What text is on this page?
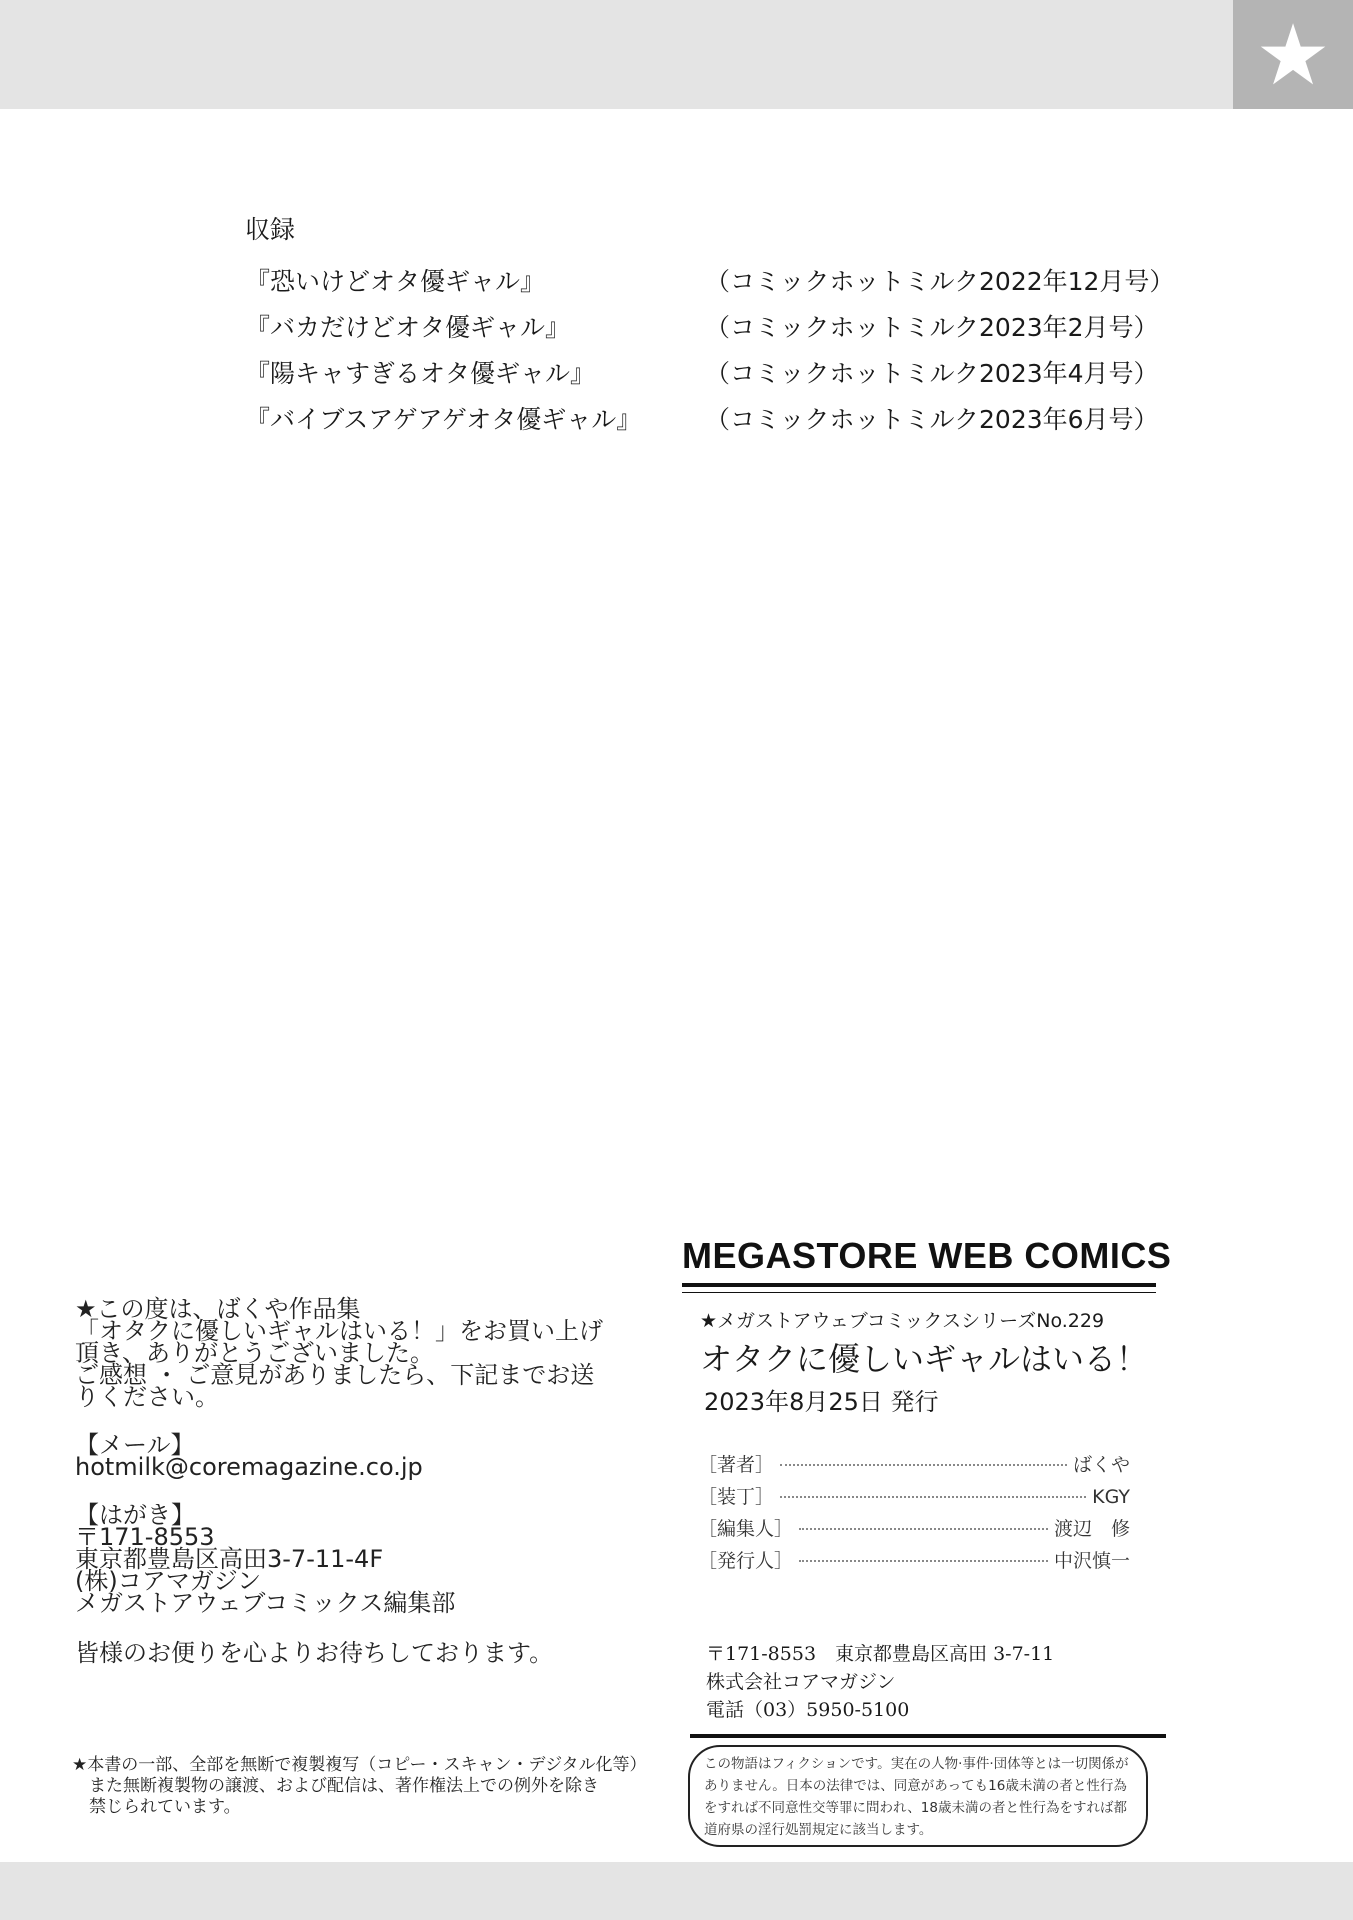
★
収録
『恐いけどオタ優ギャル』	（コミックホットミルク2022年12月号）
『バカだけどオタ優ギャル』	（コミックホットミルク2023年2月号）
『陽キャすぎるオタ優ギャル』	（コミックホットミルク2023年4月号）
『バイブスアゲアゲオタ優ギャル』	（コミックホットミルク2023年6月号）
★この度は、ばくや作品集
「オタクに優しいギャルはいる！」をお買い上げ
頂き、ありがとうございました。
ご感想 ・ ご意見がありましたら、下記までお送
りください。
【メール】
hotmilk@coremagazine.co.jp
【はがき】
〒171-8553
東京都豊島区高田3-7-11-4F
(株)コアマガジン
メガストアウェブコミックス編集部
皆様のお便りを心よりお待ちしております。
★本書の一部、全部を無断で複製複写（コピー・スキャン・デジタル化等）
　また無断複製物の譲渡、および配信は、著作権法上での例外を除き
　禁じられています。
MEGASTORE WEB COMICS
★メガストアウェブコミックスシリーズNo.229
オタクに優しいギャルはいる！
2023年8月25日 発行
［著者］	ばくや
［装丁］	KGY
［編集人］	渡辺　修
［発行人］	中沢慎一
〒171-8553　東京都豊島区高田 3-7-11
株式会社コアマガジン
電話（03）5950-5100
この物語はフィクションです。実在の人物·事件·団体等とは一切関係がありません。日本の法律では、同意があっても16歳未満の者と性行為をすれば不同意性交等罪に問われ、18歳未満の者と性行為をすれば都道府県の淫行処罰規定に該当します。
